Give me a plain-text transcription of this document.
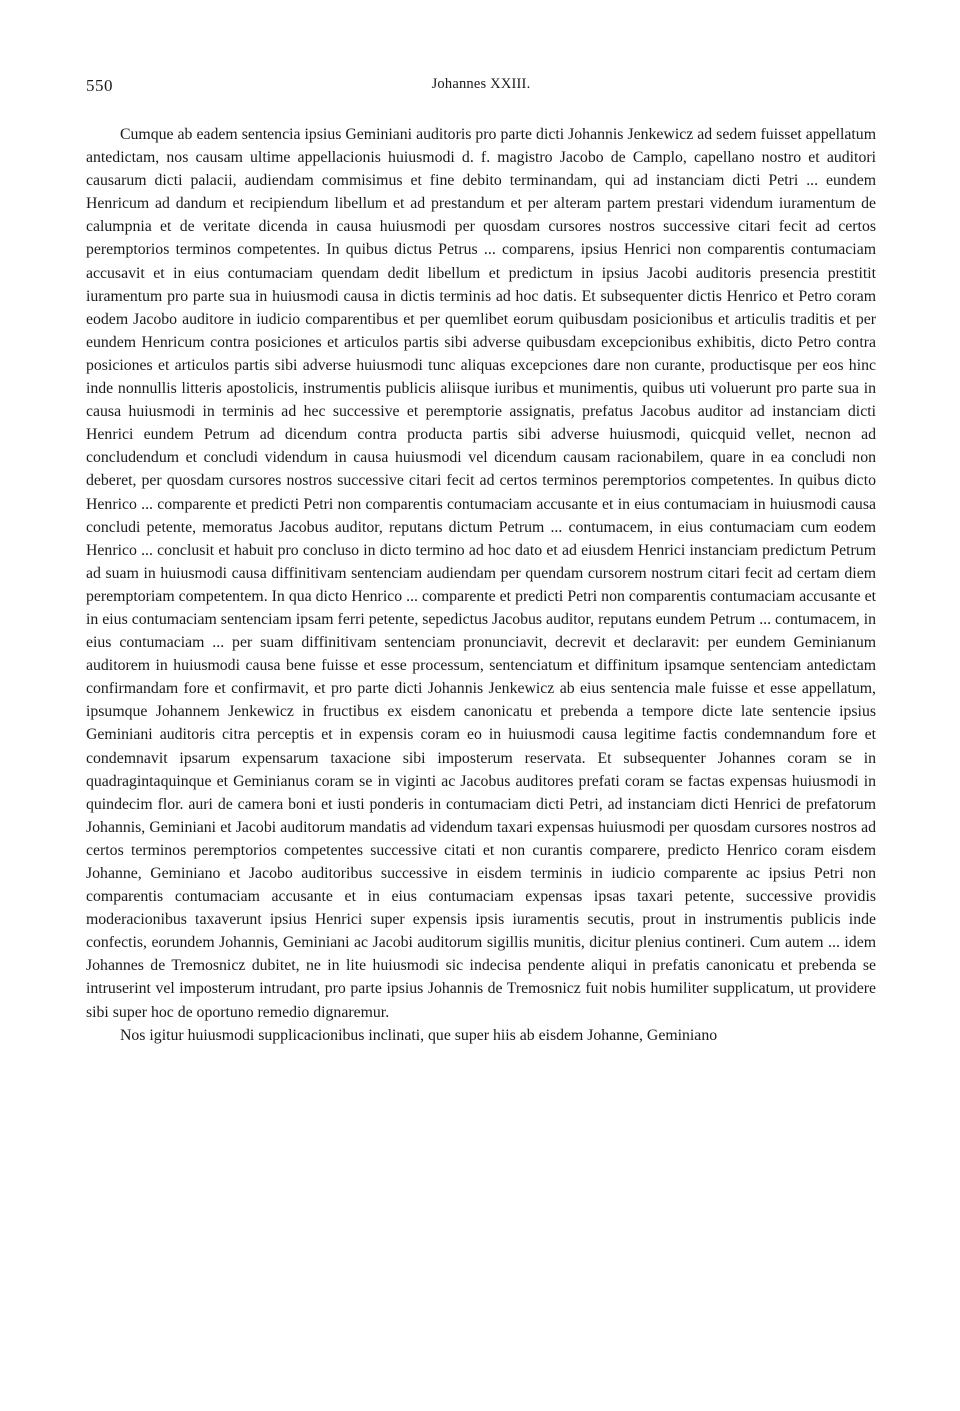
550	Johannes XXIII.

Cumque ab eadem sentencia ipsius Geminiani auditoris pro parte dicti Johannis Jenkewicz ad sedem fuisset appellatum antedictam, nos causam ultime appellacionis huiusmodi d. f. magistro Jacobo de Camplo, capellano nostro et auditori causarum dicti palacii, audiendam commisimus et fine debito terminandam, qui ad instanciam dicti Petri ... eundem Henricum ad dandum et recipiendum libellum et ad prestandum et per alteram partem prestari videndum iuramentum de calumpnia et de veritate dicenda in causa huiusmodi per quosdam cursores nostros successive citari fecit ad certos peremptorios terminos competentes. In quibus dictus Petrus ... comparens, ipsius Henrici non comparentis contumaciam accusavit et in eius contumaciam quendam dedit libellum et predictum in ipsius Jacobi auditoris presencia prestitit iuramentum pro parte sua in huiusmodi causa in dictis terminis ad hoc datis. Et subsequenter dictis Henrico et Petro coram eodem Jacobo auditore in iudicio comparentibus et per quemlibet eorum quibusdam posicionibus et articulis traditis et per eundem Henricum contra posiciones et articulos partis sibi adverse quibusdam excepcionibus exhibitis, dicto Petro contra posiciones et articulos partis sibi adverse huiusmodi tunc aliquas excepciones dare non curante, productisque per eos hinc inde nonnullis litteris apostolicis, instrumentis publicis aliisque iuribus et munimentis, quibus uti voluerunt pro parte sua in causa huiusmodi in terminis ad hec successive et peremptorie assignatis, prefatus Jacobus auditor ad instanciam dicti Henrici eundem Petrum ad dicendum contra producta partis sibi adverse huiusmodi, quicquid vellet, necnon ad concludendum et concludi videndum in causa huiusmodi vel dicendum causam racionabilem, quare in ea concludi non deberet, per quosdam cursores nostros successive citari fecit ad certos terminos peremptorios competentes. In quibus dicto Henrico ... comparente et predicti Petri non comparentis contumaciam accusante et in eius contumaciam in huiusmodi causa concludi petente, memoratus Jacobus auditor, reputans dictum Petrum ... contumacem, in eius contumaciam cum eodem Henrico ... conclusit et habuit pro concluso in dicto termino ad hoc dato et ad eiusdem Henrici instanciam predictum Petrum ad suam in huiusmodi causa diffinitivam sentenciam audiendam per quendam cursorem nostrum citari fecit ad certam diem peremptoriam competentem. In qua dicto Henrico ... comparente et predicti Petri non comparentis contumaciam accusante et in eius contumaciam sentenciam ipsam ferri petente, sepedictus Jacobus auditor, reputans eundem Petrum ... contumacem, in eius contumaciam ... per suam diffinitivam sentenciam pronunciavit, decrevit et declaravit: per eundem Geminianum auditorem in huiusmodi causa bene fuisse et esse processum, sentenciatum et diffinitum ipsamque sentenciam antedictam confirmandam fore et confirmavit, et pro parte dicti Johannis Jenkewicz ab eius sentencia male fuisse et esse appellatum, ipsumque Johannem Jenkewicz in fructibus ex eisdem canonicatu et prebenda a tempore dicte late sentencie ipsius Geminiani auditoris citra perceptis et in expensis coram eo in huiusmodi causa legitime factis condemnandum fore et condemnavit ipsarum expensarum taxacione sibi imposterum reservata. Et subsequenter Johannes coram se in quadragintaquinque et Geminianus coram se in viginti ac Jacobus auditores prefati coram se factas expensas huiusmodi in quindecim flor. auri de camera boni et iusti ponderis in contumaciam dicti Petri, ad instanciam dicti Henrici de prefatorum Johannis, Geminiani et Jacobi auditorum mandatis ad videndum taxari expensas huiusmodi per quosdam cursores nostros ad certos terminos peremptorios competentes successive citati et non curantis comparere, predicto Henrico coram eisdem Johanne, Geminiano et Jacobo auditoribus successive in eisdem terminis in iudicio comparente ac ipsius Petri non comparentis contumaciam accusante et in eius contumaciam expensas ipsas taxari petente, successive providis moderacionibus taxaverunt ipsius Henrici super expensis ipsis iuramentis secutis, prout in instrumentis publicis inde confectis, eorundem Johannis, Geminiani ac Jacobi auditorum sigillis munitis, dicitur plenius contineri. Cum autem ... idem Johannes de Tremosnicz dubitet, ne in lite huiusmodi sic indecisa pendente aliqui in prefatis canonicatu et prebenda se intruserint vel imposterum intrudant, pro parte ipsius Johannis de Tremosnicz fuit nobis humiliter supplicatum, ut providere sibi super hoc de oportuno remedio dignaremur.

Nos igitur huiusmodi supplicacionibus inclinati, que super hiis ab eisdem Johanne, Geminiano
